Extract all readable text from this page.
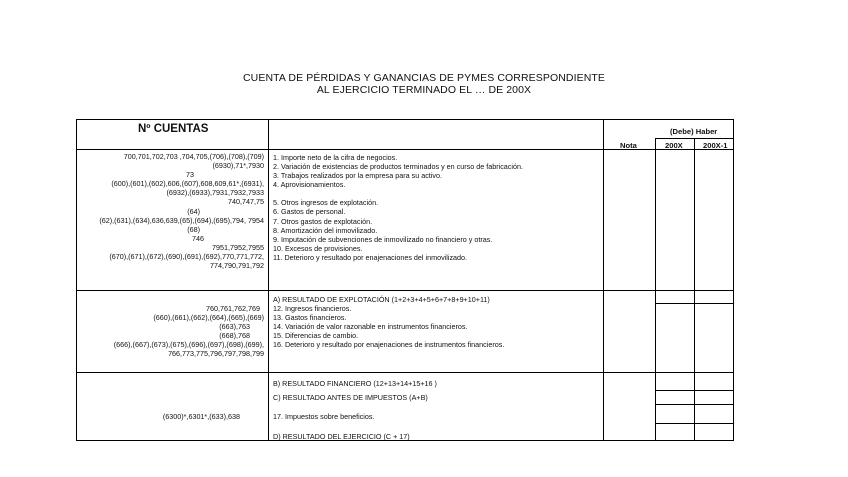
CUENTA DE PÉRDIDAS Y GANANCIAS DE PYMES CORRESPONDIENTE
AL EJERCICIO TERMINADO EL … DE 200X
Nº CUENTAS
Nota
(Debe) Haber
200X	200X-1
700,701,702,703 ,704,705,(706),(708),(709)
(6930),71*,7930
73
(600),(601),(602),606,(607),608,609,61*,(6931),
(6932),(6933),7931,7932,7933
740,747,75
(64)
(62),(631),(634),636,639,(65),(694),(695),794, 7954
(68)
746
7951,7952,7955
(670),(671),(672),(690),(691),(692),770,771,772,
774,790,791,792
1. Importe neto de la cifra de negocios.
2. Variación de existencias de productos terminados y en curso de fabricación.
3. Trabajos realizados por la empresa para su activo.
4. Aprovisionamientos.
5. Otros ingresos de explotación.
6. Gastos de personal.
7. Otros gastos de explotación.
8. Amortización del inmovilizado.
9. Imputación de subvenciones de inmovilizado no financiero y otras.
10. Excesos de provisiones.
11. Deterioro y resultado por enajenaciones del inmovilizado.
760,761,762,769
(660),(661),(662),(664),(665),(669)
(663),763
(668),768
(666),(667),(673),(675),(696),(697),(698),(699),
766,773,775,796,797,798,799
A) RESULTADO DE EXPLOTACIÓN (1+2+3+4+5+6+7+8+9+10+11)
12. Ingresos financieros.
13. Gastos financieros.
14. Variación de valor razonable en instrumentos financieros.
15. Diferencias de cambio.
16. Deterioro y resultado por enajenaciones de instrumentos financieros.
B) RESULTADO FINANCIERO (12+13+14+15+16 )
C) RESULTADO ANTES DE IMPUESTOS (A+B)
(6300)*,6301*,(633),638	17. Impuestos sobre beneficios.
D) RESULTADO DEL EJERCICIO (C + 17)
